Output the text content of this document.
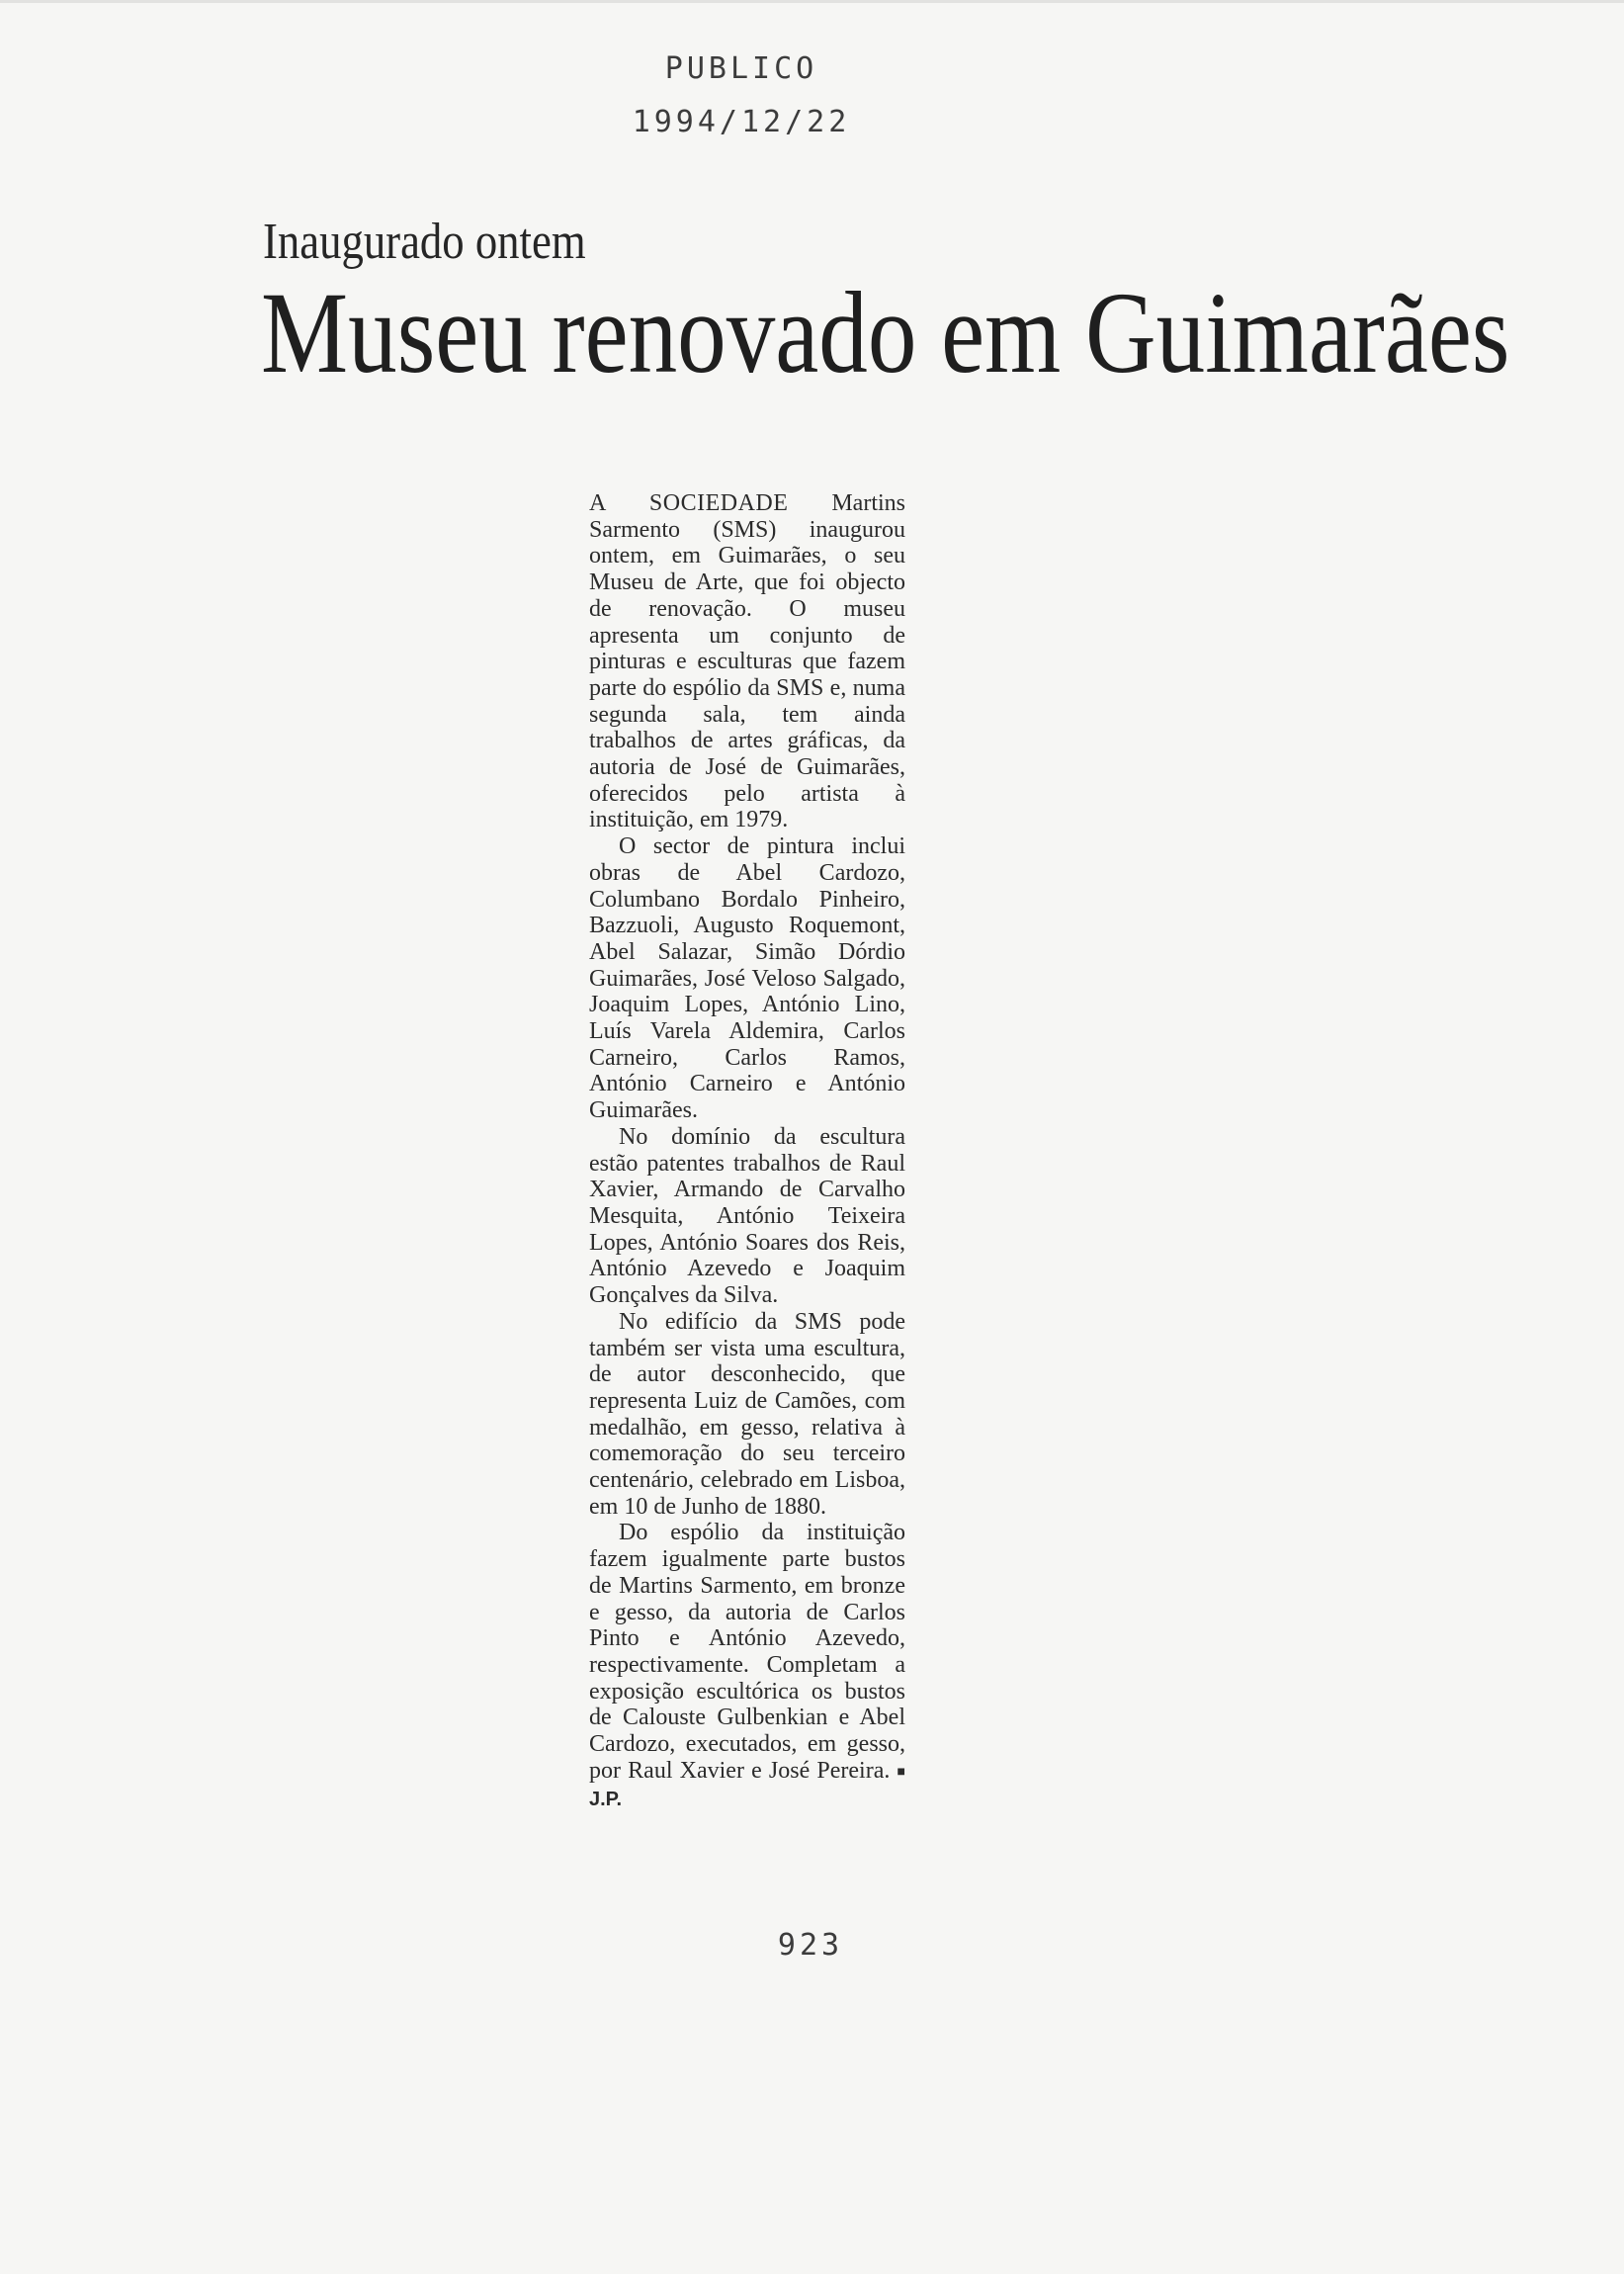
PUBLICO
1994/12/22
Inaugurado ontem
Museu renovado em Guimarães

A SOCIEDADE Martins Sarmento (SMS) inaugurou ontem, em Guimarães, o seu Museu de Arte, que foi objecto de renovação. O museu apresenta um conjunto de pinturas e esculturas que fazem parte do espólio da SMS e, numa segunda sala, tem ainda trabalhos de artes gráficas, da autoria de José de Guimarães, oferecidos pelo artista à instituição, em 1979.

O sector de pintura inclui obras de Abel Cardozo, Columbano Bordalo Pinheiro, Bazzuoli, Augusto Roquemont, Abel Salazar, Simão Dórdio Guimarães, José Veloso Salgado, Joaquim Lopes, António Lino, Luís Varela Aldemira, Carlos Carneiro, Carlos Ramos, António Carneiro e António Guimarães.

No domínio da escultura estão patentes trabalhos de Raul Xavier, Armando de Carvalho Mesquita, António Teixeira Lopes, António Soares dos Reis, António Azevedo e Joaquim Gonçalves da Silva.

No edifício da SMS pode também ser vista uma escultura, de autor desconhecido, que representa Luiz de Camões, com medalhão, em gesso, relativa à comemoração do seu terceiro centenário, celebrado em Lisboa, em 10 de Junho de 1880.

Do espólio da instituição fazem igualmente parte bustos de Martins Sarmento, em bronze e gesso, da autoria de Carlos Pinto e António Azevedo, respectivamente. Completam a exposição escultórica os bustos de Calouste Gulbenkian e Abel Cardozo, executados, em gesso, por Raul Xavier e José Pereira. ■ J.P.

923
